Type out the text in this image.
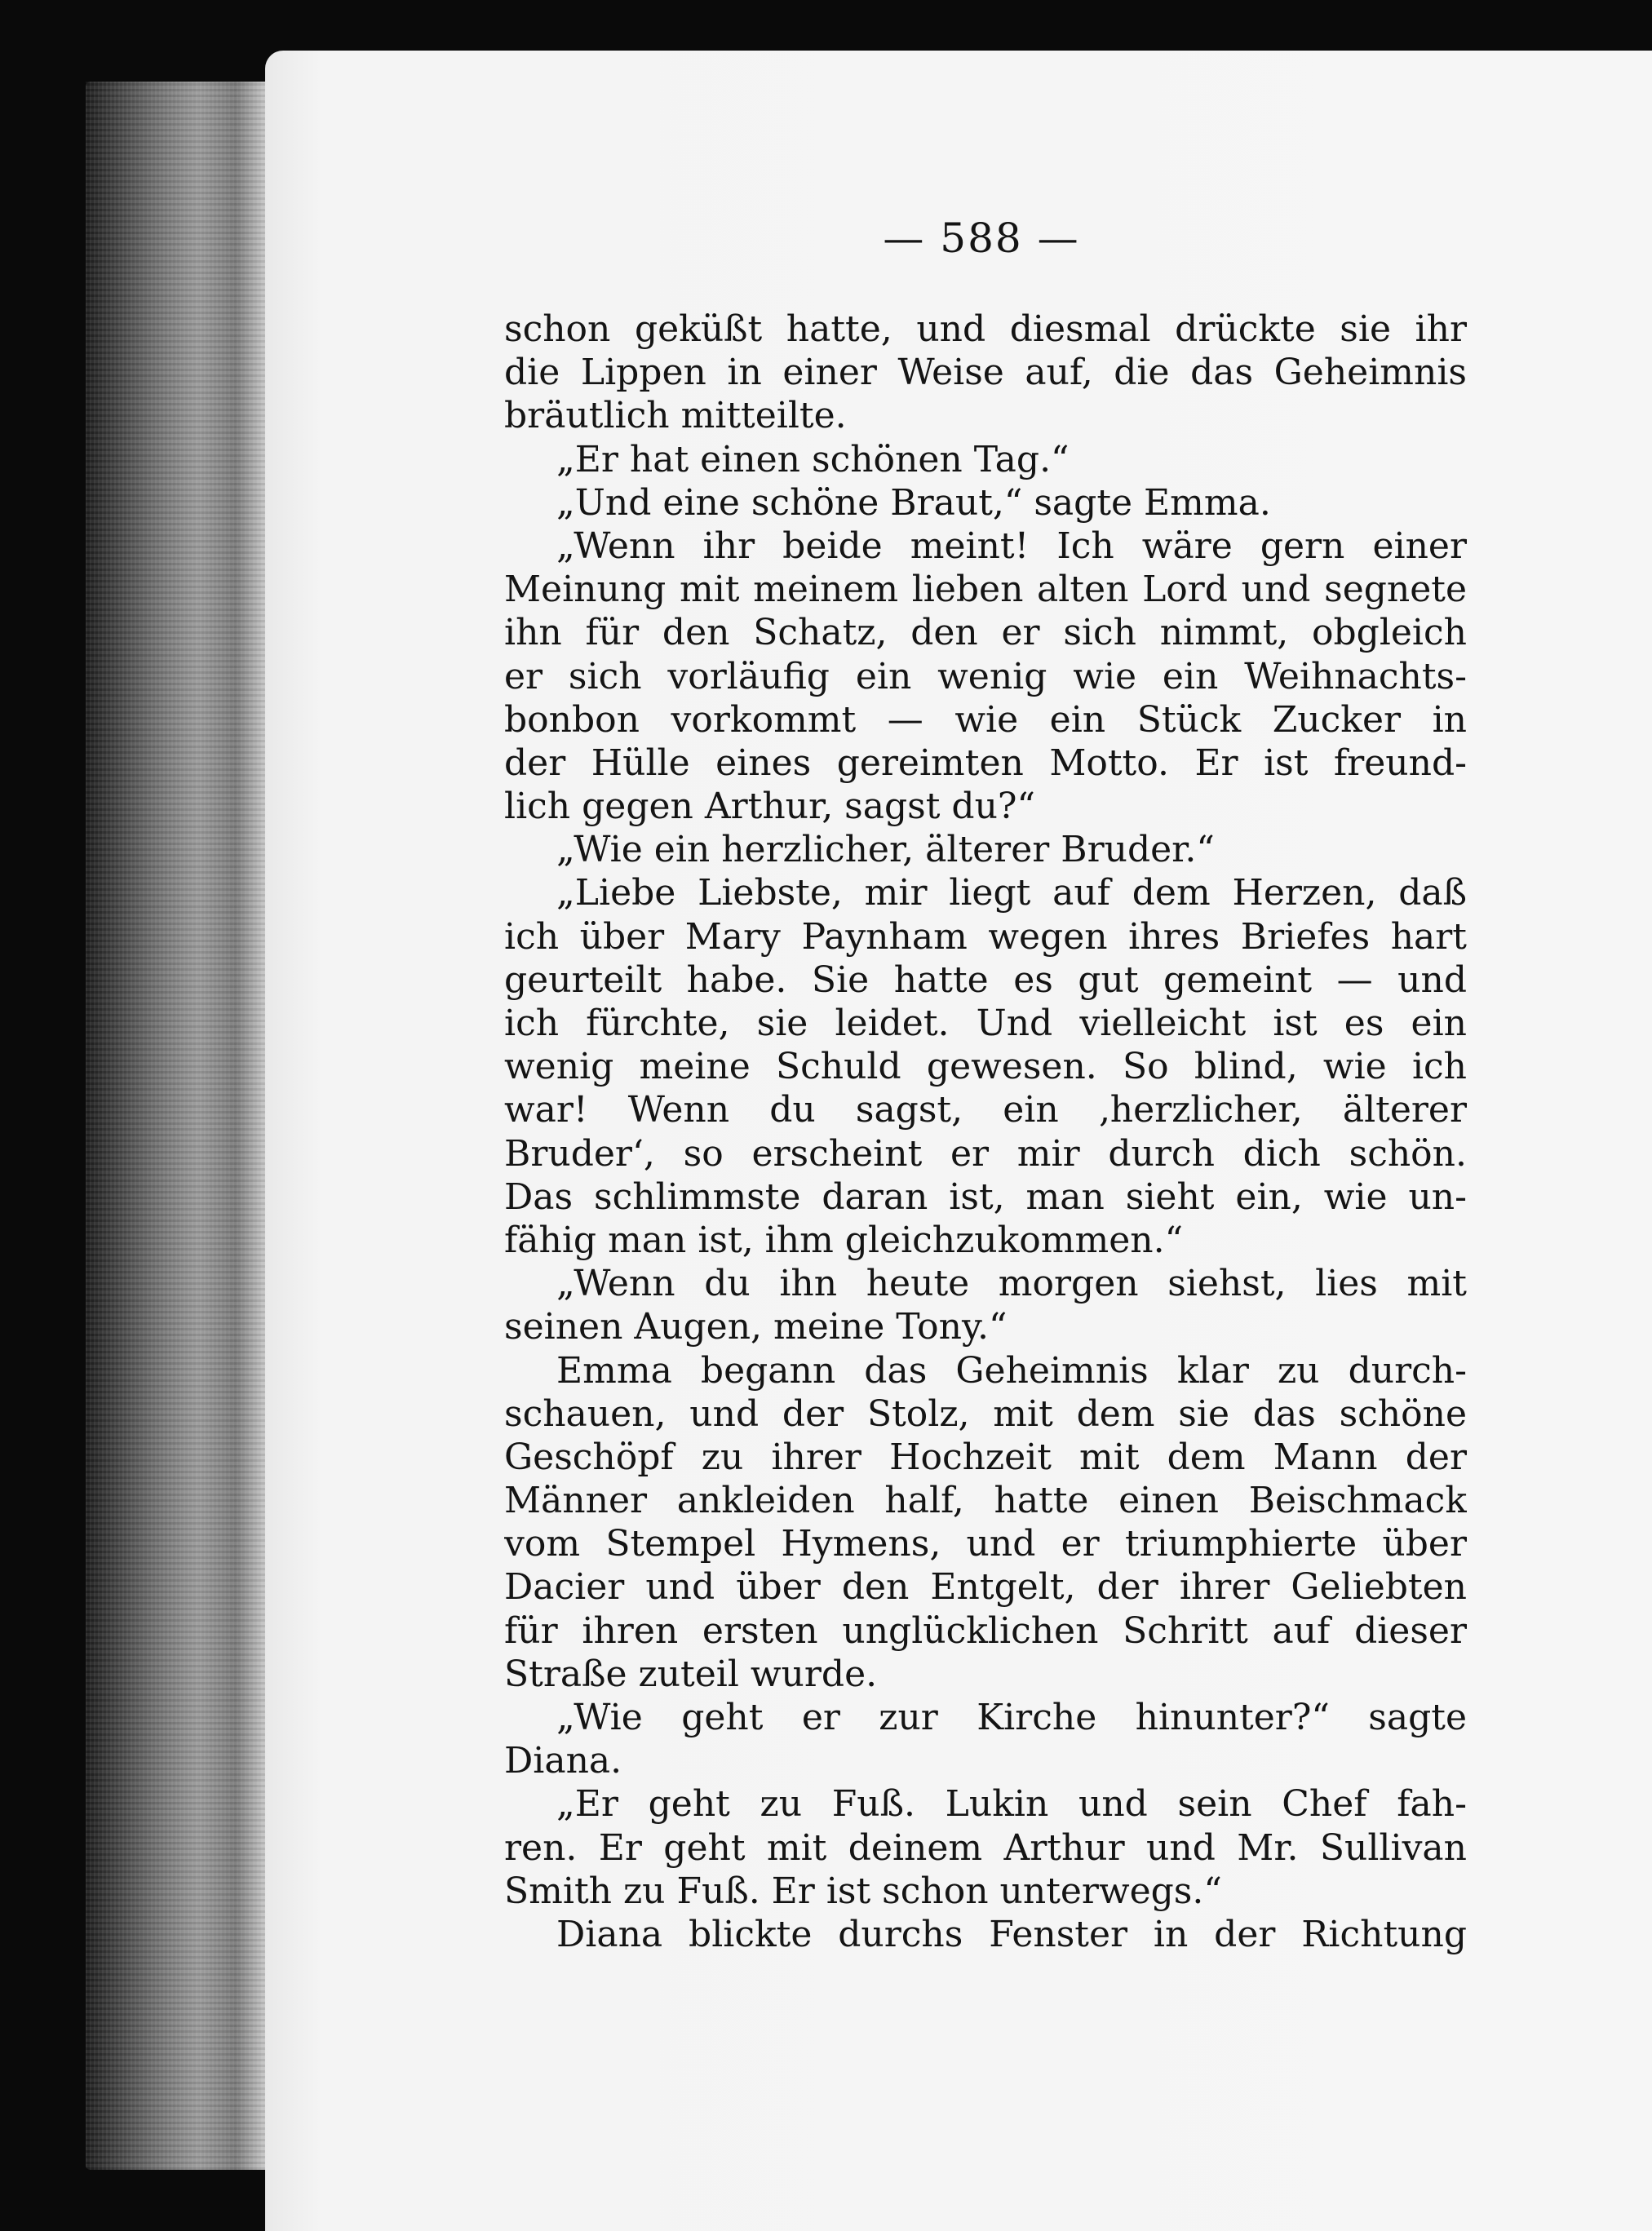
— 588 —
schon geküßt hatte, und diesmal drückte sie ihr
die Lippen in einer Weise auf, die das Geheimnis
bräutlich mitteilte.
„Er hat einen schönen Tag.“
„Und eine schöne Braut,“ sagte Emma.
„Wenn ihr beide meint! Ich wäre gern einer
Meinung mit meinem lieben alten Lord und segnete
ihn für den Schatz, den er sich nimmt, obgleich
er sich vorläufig ein wenig wie ein Weihnachts-
bonbon vorkommt — wie ein Stück Zucker in
der Hülle eines gereimten Motto. Er ist freund-
lich gegen Arthur, sagst du?“
„Wie ein herzlicher, älterer Bruder.“
„Liebe Liebste, mir liegt auf dem Herzen, daß
ich über Mary Paynham wegen ihres Briefes hart
geurteilt habe. Sie hatte es gut gemeint — und
ich fürchte, sie leidet. Und vielleicht ist es ein
wenig meine Schuld gewesen. So blind, wie ich
war! Wenn du sagst, ein ‚herzlicher, älterer
Bruder‘, so erscheint er mir durch dich schön.
Das schlimmste daran ist, man sieht ein, wie un-
fähig man ist, ihm gleichzukommen.“
„Wenn du ihn heute morgen siehst, lies mit
seinen Augen, meine Tony.“
Emma begann das Geheimnis klar zu durch-
schauen, und der Stolz, mit dem sie das schöne
Geschöpf zu ihrer Hochzeit mit dem Mann der
Männer ankleiden half, hatte einen Beischmack
vom Stempel Hymens, und er triumphierte über
Dacier und über den Entgelt, der ihrer Geliebten
für ihren ersten unglücklichen Schritt auf dieser
Straße zuteil wurde.
„Wie geht er zur Kirche hinunter?“ sagte
Diana.
„Er geht zu Fuß. Lukin und sein Chef fah-
ren. Er geht mit deinem Arthur und Mr. Sullivan
Smith zu Fuß. Er ist schon unterwegs.“
Diana blickte durchs Fenster in der Richtung
